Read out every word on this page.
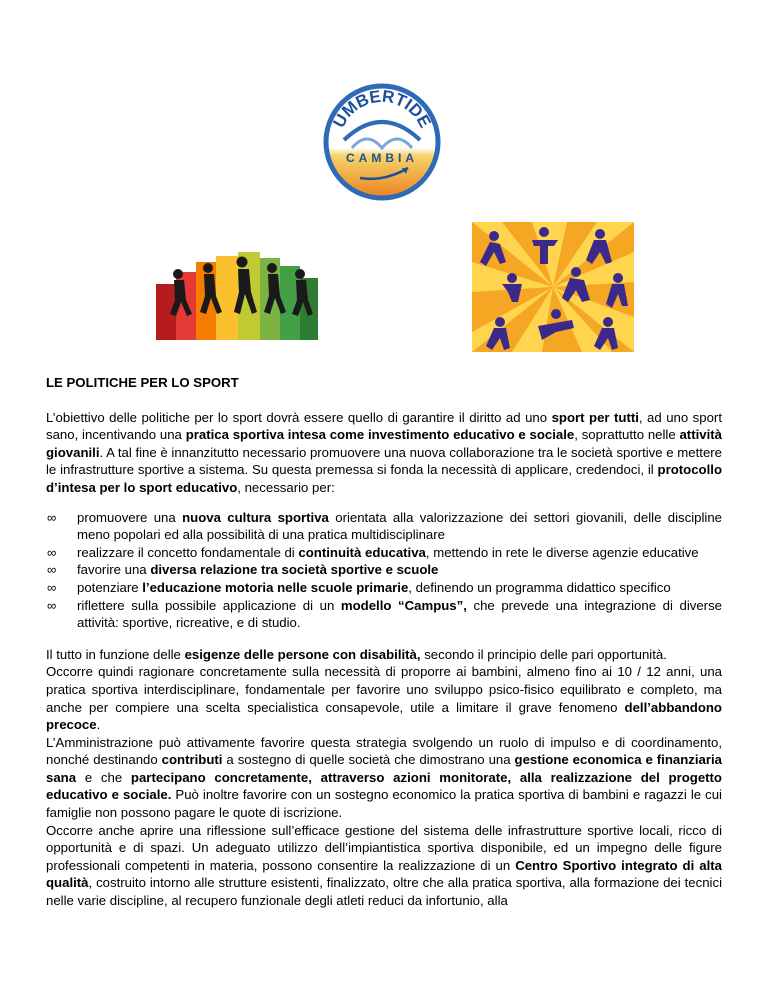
UMBERTIDE
CAMBIA

LE POLITICHE PER LO SPORT

L’obiettivo delle politiche per lo sport dovrà essere quello di garantire il diritto ad uno sport per tutti, ad uno sport sano, incentivando una pratica sportiva intesa come investimento educativo e sociale, soprattutto nelle attività giovanili. A tal fine è innanzitutto necessario promuovere una nuova collaborazione tra le società sportive e mettere le infrastrutture sportive a sistema. Su questa premessa si fonda la necessità di applicare, credendoci, il protocollo d’intesa per lo sport educativo, necessario per:

∞ promuovere una nuova cultura sportiva orientata alla valorizzazione dei settori giovanili, delle discipline meno popolari ed alla possibilità di una pratica multidisciplinare
∞ realizzare il concetto fondamentale di continuità educativa, mettendo in rete le diverse agenzie educative
∞ favorire una diversa relazione tra società sportive e scuole
∞ potenziare l’educazione motoria nelle scuole primarie, definendo un programma didattico specifico
∞ riflettere sulla possibile applicazione di un modello “Campus”, che prevede una integrazione di diverse attività: sportive, ricreative, e di studio.

Il tutto in funzione delle esigenze delle persone con disabilità, secondo il principio delle pari opportunità.

Occorre quindi ragionare concretamente sulla necessità di proporre ai bambini, almeno fino ai 10 / 12 anni, una pratica sportiva interdisciplinare, fondamentale per favorire uno sviluppo psico-fisico equilibrato e completo, ma anche per compiere una scelta specialistica consapevole, utile a limitare il grave fenomeno dell’abbandono precoce.

L’Amministrazione può attivamente favorire questa strategia svolgendo un ruolo di impulso e di coordinamento, nonché destinando contributi a sostegno di quelle società che dimostrano una gestione economica e finanziaria sana e che partecipano concretamente, attraverso azioni monitorate, alla realizzazione del progetto educativo e sociale. Può inoltre favorire con un sostegno economico la pratica sportiva di bambini e ragazzi le cui famiglie non possono pagare le quote di iscrizione.

Occorre anche aprire una riflessione sull’efficace gestione del sistema delle infrastrutture sportive locali, ricco di opportunità e di spazi. Un adeguato utilizzo dell’impiantistica sportiva disponibile, ed un impegno delle figure professionali competenti in materia, possono consentire la realizzazione di un Centro Sportivo integrato di alta qualità, costruito intorno alle strutture esistenti, finalizzato, oltre che alla pratica sportiva, alla formazione dei tecnici nelle varie discipline, al recupero funzionale degli atleti reduci da infortunio, alla
